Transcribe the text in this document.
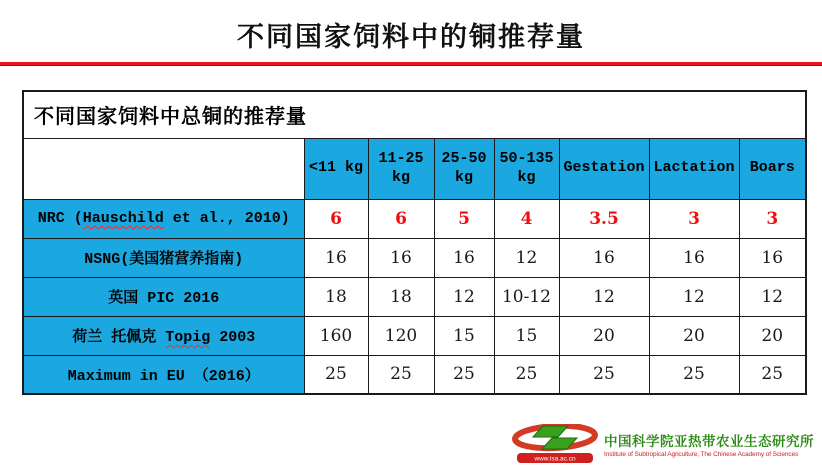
不同国家饲料中的铜推荐量
不同国家饲料中总铜的推荐量							
	<11 kg	11-25 kg	25-50 kg	50-135 kg	Gestation	Lactation	Boars
NRC (Hauschild et al., 2010)	6	6	5	4	3.5	3	3
NSNG(美国猪营养指南)	16	16	16	12	16	16	16
英国 PIC 2016	18	18	12	10-12	12	12	12
荷兰 托佩克 Topig 2003	160	120	15	15	20	20	20
Maximum in EU （2016）	25	25	25	25	25	25	25
www.isa.ac.cn
中国科学院亚热带农业生态研究所
Institute of Subtropical Agriculture, The Chinese Academy of Sciences
